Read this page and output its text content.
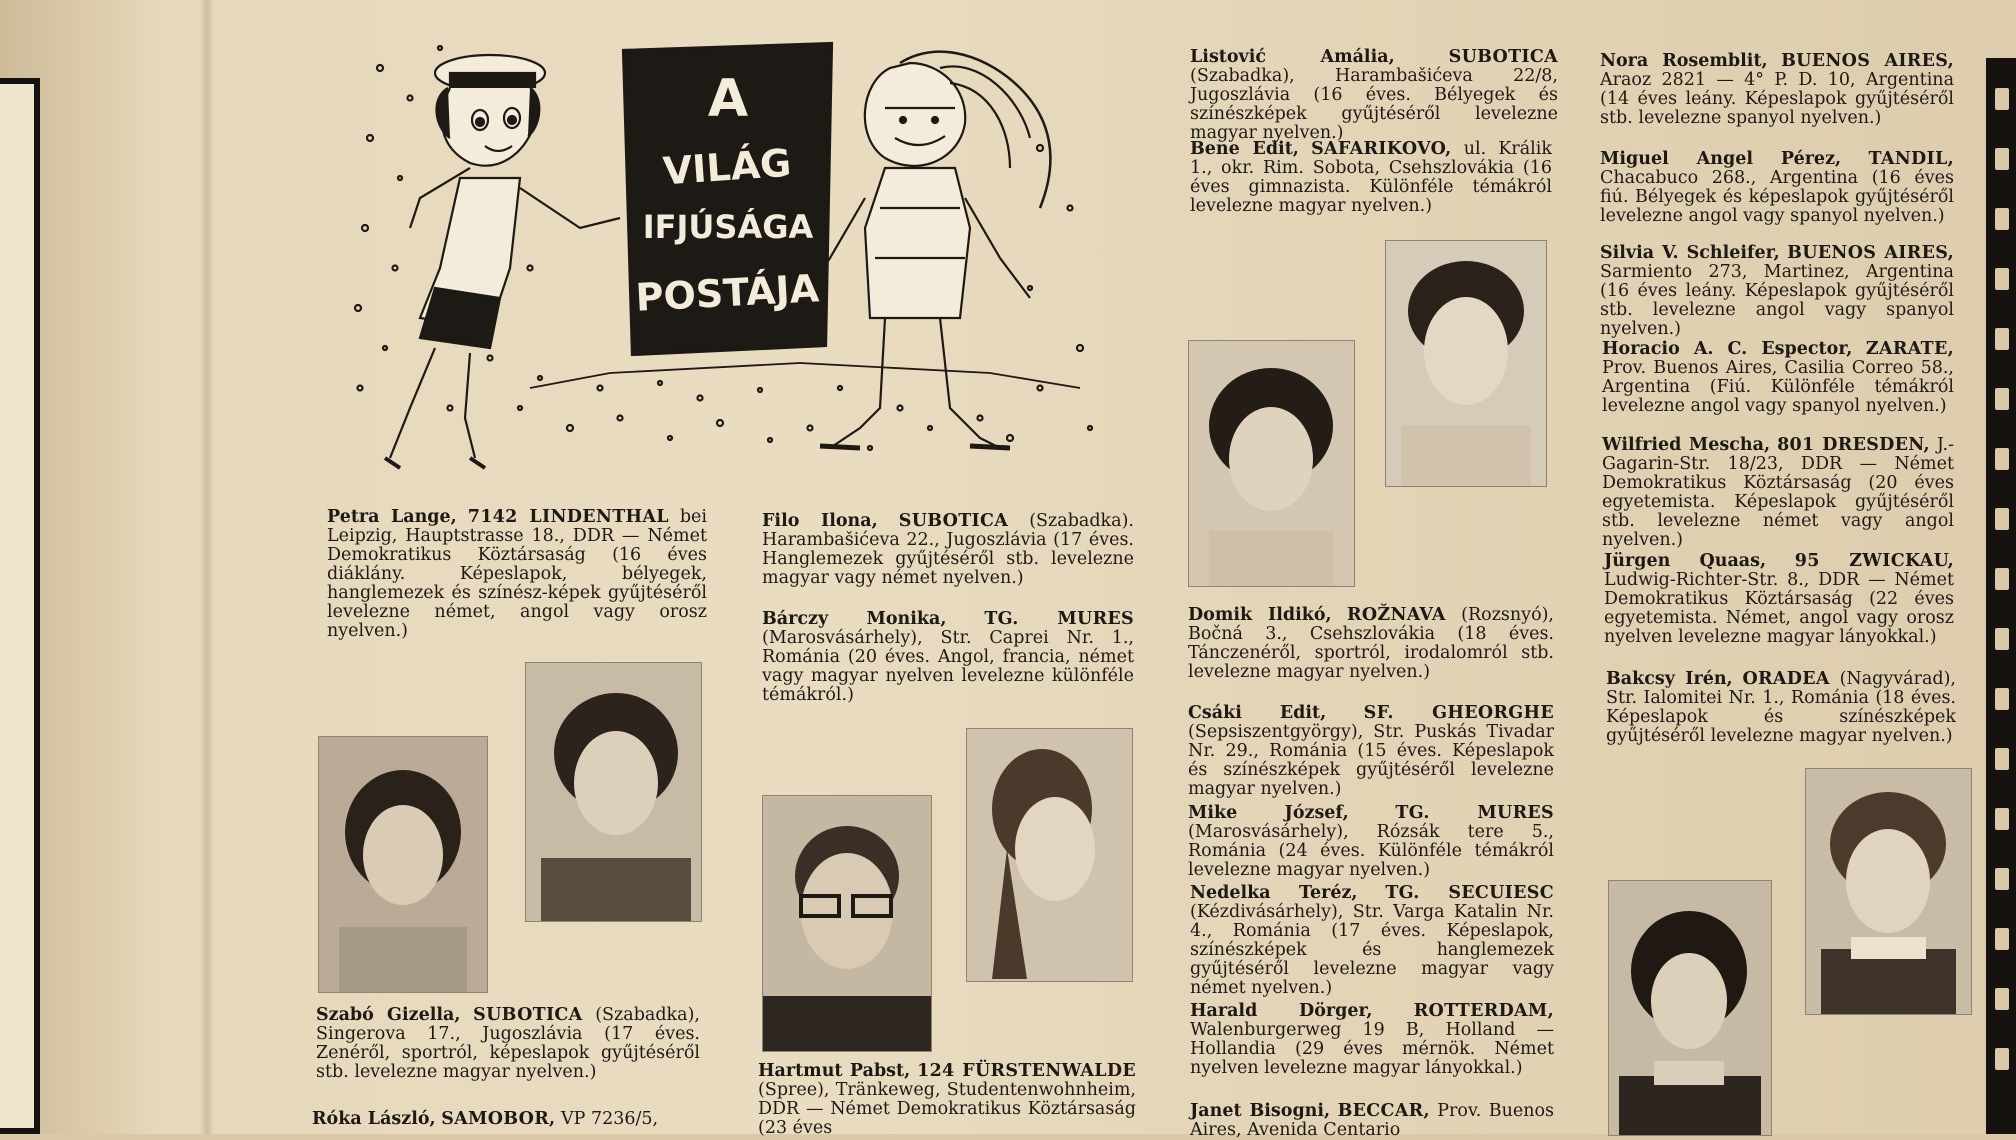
A
VILÁG
IFJÚSÁGA
POSTÁJA
Petra Lange, 7142 LINDENTHAL bei Leipzig, Hauptstrasse 18., DDR — Német Demokratikus Köztársaság (16 éves diáklány. Képeslapok, bélyegek, hanglemezek és színész-képek gyűjtéséről levelezne német, angol vagy orosz nyelven.)
Szabó Gizella, SUBOTICA (Szabadka), Singerova 17., Jugoszlávia (17 éves. Zenéről, sportról, képeslapok gyűjtéséről stb. levelezne magyar nyelven.)
Róka László, SAMOBOR, VP 7236/5,
Filo Ilona, SUBOTICA (Szabadka). Harambašićeva 22., Jugoszlávia (17 éves. Hanglemezek gyűjtéséről stb. levelezne magyar vagy német nyelven.)
Bárczy Monika, TG. MURES (Marosvásárhely), Str. Caprei Nr. 1., Románia (20 éves. Angol, francia, német vagy magyar nyelven levelezne különféle témákról.)
Hartmut Pabst, 124 FÜRSTENWALDE (Spree), Tränkeweg, Studentenwohnheim, DDR — Német Demokratikus Köztársaság (23 éves
Listović Amália,	SUBOTICA (Szabadka), Harambašićeva 22/8, Jugoszlávia (16 éves. Bélyegek és színészképek gyűjtéséről levelezne magyar nyelven.)
Bene Edit, SAFARIKOVO, ul. Králik 1., okr. Rim. Sobota, Csehszlovákia (16 éves gimnazista. Különféle témákról levelezne magyar nyelven.)
Domik Ildikó, ROŽNAVA (Rozsnyó), Bočná 3., Csehszlovákia (18 éves. Tánczenéről, sportról, irodalomról stb. levelezne magyar nyelven.)
Csáki Edit, SF. GHEORGHE (Sepsiszentgyörgy), Str. Puskás Tivadar Nr. 29., Románia (15 éves. Képeslapok és színészképek gyűjtéséről levelezne magyar nyelven.)
Mike József,	TG. MURES (Marosvásárhely), Rózsák tere 5., Románia (24 éves. Különféle témákról levelezne magyar nyelven.)
Nedelka Teréz, TG. SECUIESC (Kézdivásárhely), Str. Varga Katalin Nr. 4., Románia (17 éves. Képeslapok, színészképek és hanglemezek gyűjtéséről levelezne magyar vagy német nyelven.)
Harald Dörger, ROTTERDAM, Walenburgerweg 19 B, Holland — Hollandia (29 éves mérnök. Német nyelven levelezne magyar lányokkal.)
Janet Bisogni, BECCAR, Prov. Buenos Aires, Avenida Centario
Nora Rosemblit, BUENOS AIRES, Araoz 2821 — 4° P. D. 10, Argentina (14 éves leány. Képeslapok gyűjtéséről stb. levelezne spanyol nyelven.)
Miguel Angel Pérez, TANDIL, Chacabuco 268., Argentina (16 éves fiú. Bélyegek és képeslapok gyűjtéséről levelezne angol vagy spanyol nyelven.)
Silvia V. Schleifer, BUENOS AIRES, Sarmiento 273, Martinez, Argentina (16 éves leány. Képeslapok gyűjtéséről stb. levelezne angol vagy spanyol nyelven.)
Horacio A. C. Espector, ZARATE, Prov. Buenos Aires, Casilia Correo 58., Argentina (Fiú. Különféle témákról levelezne angol vagy spanyol nyelven.)
Wilfried Mescha, 801 DRESDEN, J.-Gagarin-Str. 18/23, DDR — Német Demokratikus Köztársaság (20 éves egyetemista. Képeslapok gyűjtéséről stb. levelezne német vagy angol nyelven.)
Jürgen Quaas, 95 ZWICKAU, Ludwig-Richter-Str. 8., DDR — Német Demokratikus Köztársaság (22 éves egyetemista. Német, angol vagy orosz nyelven levelezne magyar lányokkal.)
Bakcsy Irén, ORADEA (Nagyvárad), Str. Ialomitei Nr. 1., Románia (18 éves. Képeslapok és színészképek gyűjtéséről levelezne magyar nyelven.)
